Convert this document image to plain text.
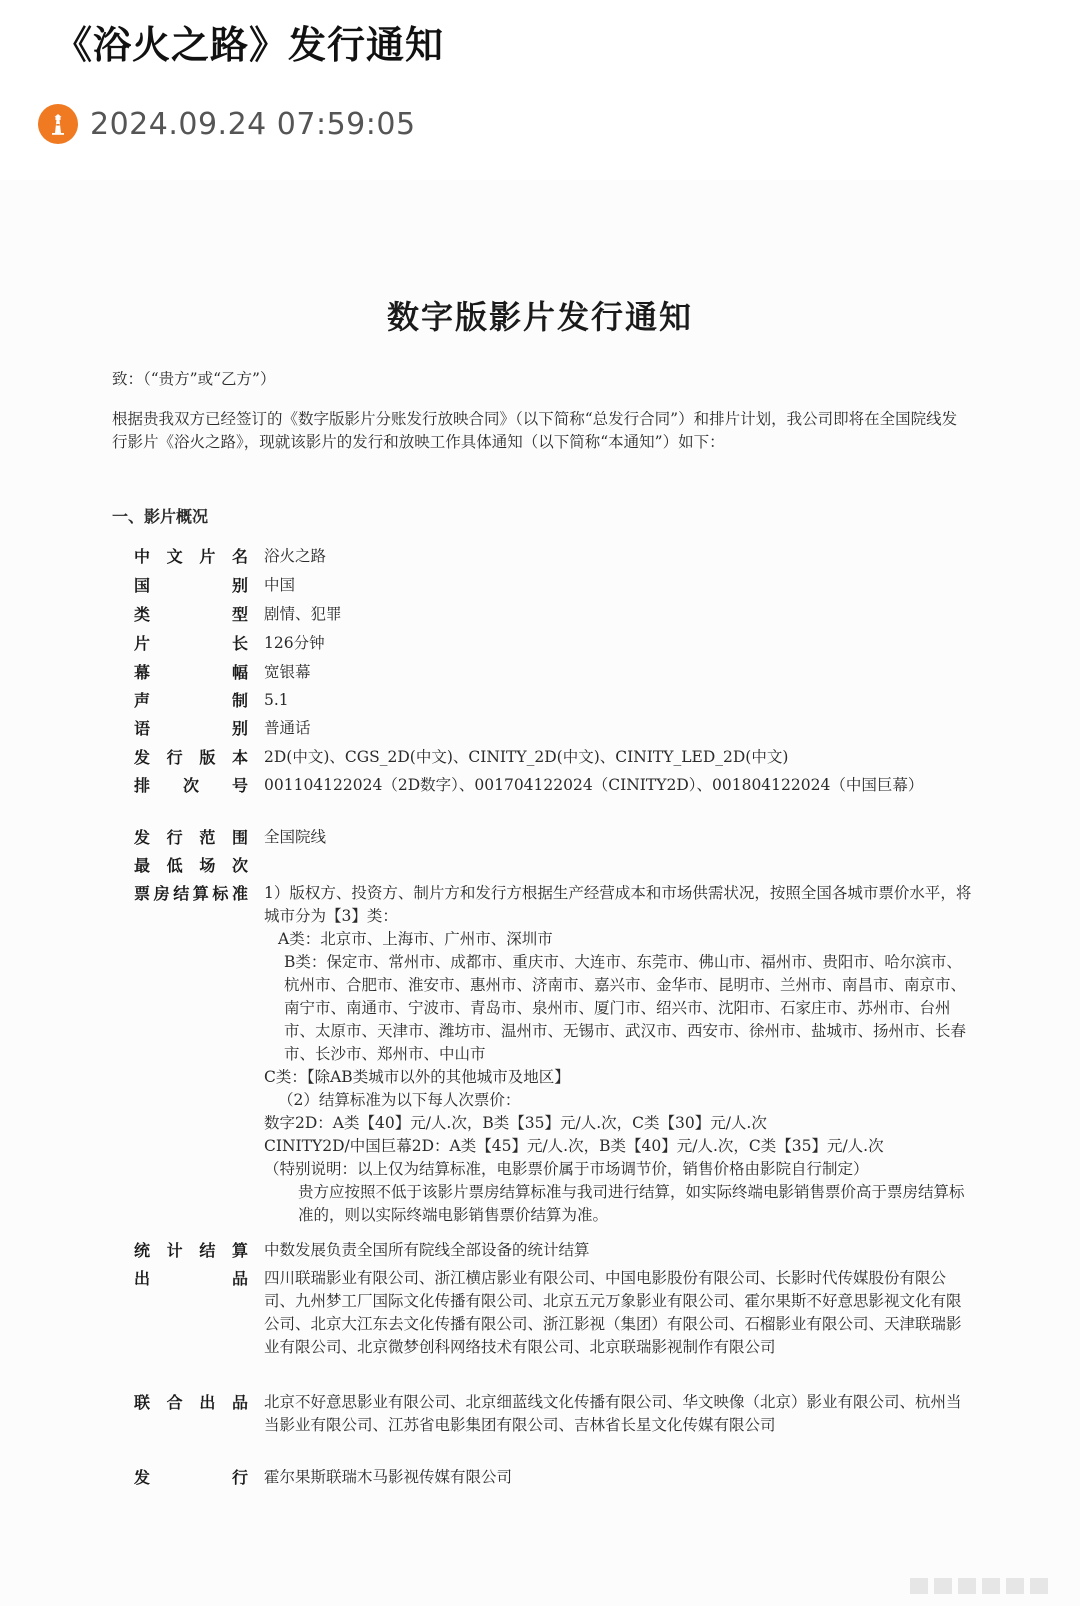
《浴火之路》发行通知
2024.09.24 07:59:05
数字版影片发行通知
致：（“贵方”或“乙方”）
根据贵我双方已经签订的《数字版影片分账发行放映合同》（以下简称“总发行合同”）和排片计划，我公司即将在全国院线发行影片《浴火之路》，现就该影片的发行和放映工作具体通知（以下简称“本通知”）如下：
一、影片概况
中文片名 浴火之路
国别 中国
类型 剧情、犯罪
片长 126分钟
幕幅 宽银幕
声制 5.1
语别 普通话
发行版本 2D(中文)、CGS_2D(中文)、CINITY_2D(中文)、CINITY_LED_2D(中文)
排次号 001104122024（2D数字）、001704122024（CINITY2D）、001804122024（中国巨幕）
发行范围 全国院线
最低场次
票房结算标准 1）版权方、投资方、制片方和发行方根据生产经营成本和市场供需状况，按照全国各城市票价水平，将城市分为【3】类：

A类：北京市、上海市、广州市、深圳市

B类：保定市、常州市、成都市、重庆市、大连市、东莞市、佛山市、福州市、贵阳市、哈尔滨市、杭州市、合肥市、淮安市、惠州市、济南市、嘉兴市、金华市、昆明市、兰州市、南昌市、南京市、南宁市、南通市、宁波市、青岛市、泉州市、厦门市、绍兴市、沈阳市、石家庄市、苏州市、台州市、太原市、天津市、潍坊市、温州市、无锡市、武汉市、西安市、徐州市、盐城市、扬州市、长春市、长沙市、郑州市、中山市

C类：【除AB类城市以外的其他城市及地区】

（2）结算标准为以下每人次票价：

数字2D：A类【40】元/人.次，B类【35】元/人.次，C类【30】元/人.次

CINITY2D/中国巨幕2D：A类【45】元/人.次，B类【40】元/人.次，C类【35】元/人.次

（特别说明：以上仅为结算标准，电影票价属于市场调节价，销售价格由影院自行制定）

贵方应按照不低于该影片票房结算标准与我司进行结算，如实际终端电影销售票价高于票房结算标准的，则以实际终端电影销售票价结算为准。

统计结算 中数发展负责全国所有院线全部设备的统计结算
出品 四川联瑞影业有限公司、浙江横店影业有限公司、中国电影股份有限公司、长影时代传媒股份有限公司、九州梦工厂国际文化传播有限公司、北京五元万象影业有限公司、霍尔果斯不好意思影视文化有限公司、北京大江东去文化传播有限公司、浙江影视（集团）有限公司、石榴影业有限公司、天津联瑞影业有限公司、北京微梦创科网络技术有限公司、北京联瑞影视制作有限公司
联合出品 北京不好意思影业有限公司、北京细蓝线文化传播有限公司、华文映像（北京）影业有限公司、杭州当当影业有限公司、江苏省电影集团有限公司、吉林省长星文化传媒有限公司
发行 霍尔果斯联瑞木马影视传媒有限公司
